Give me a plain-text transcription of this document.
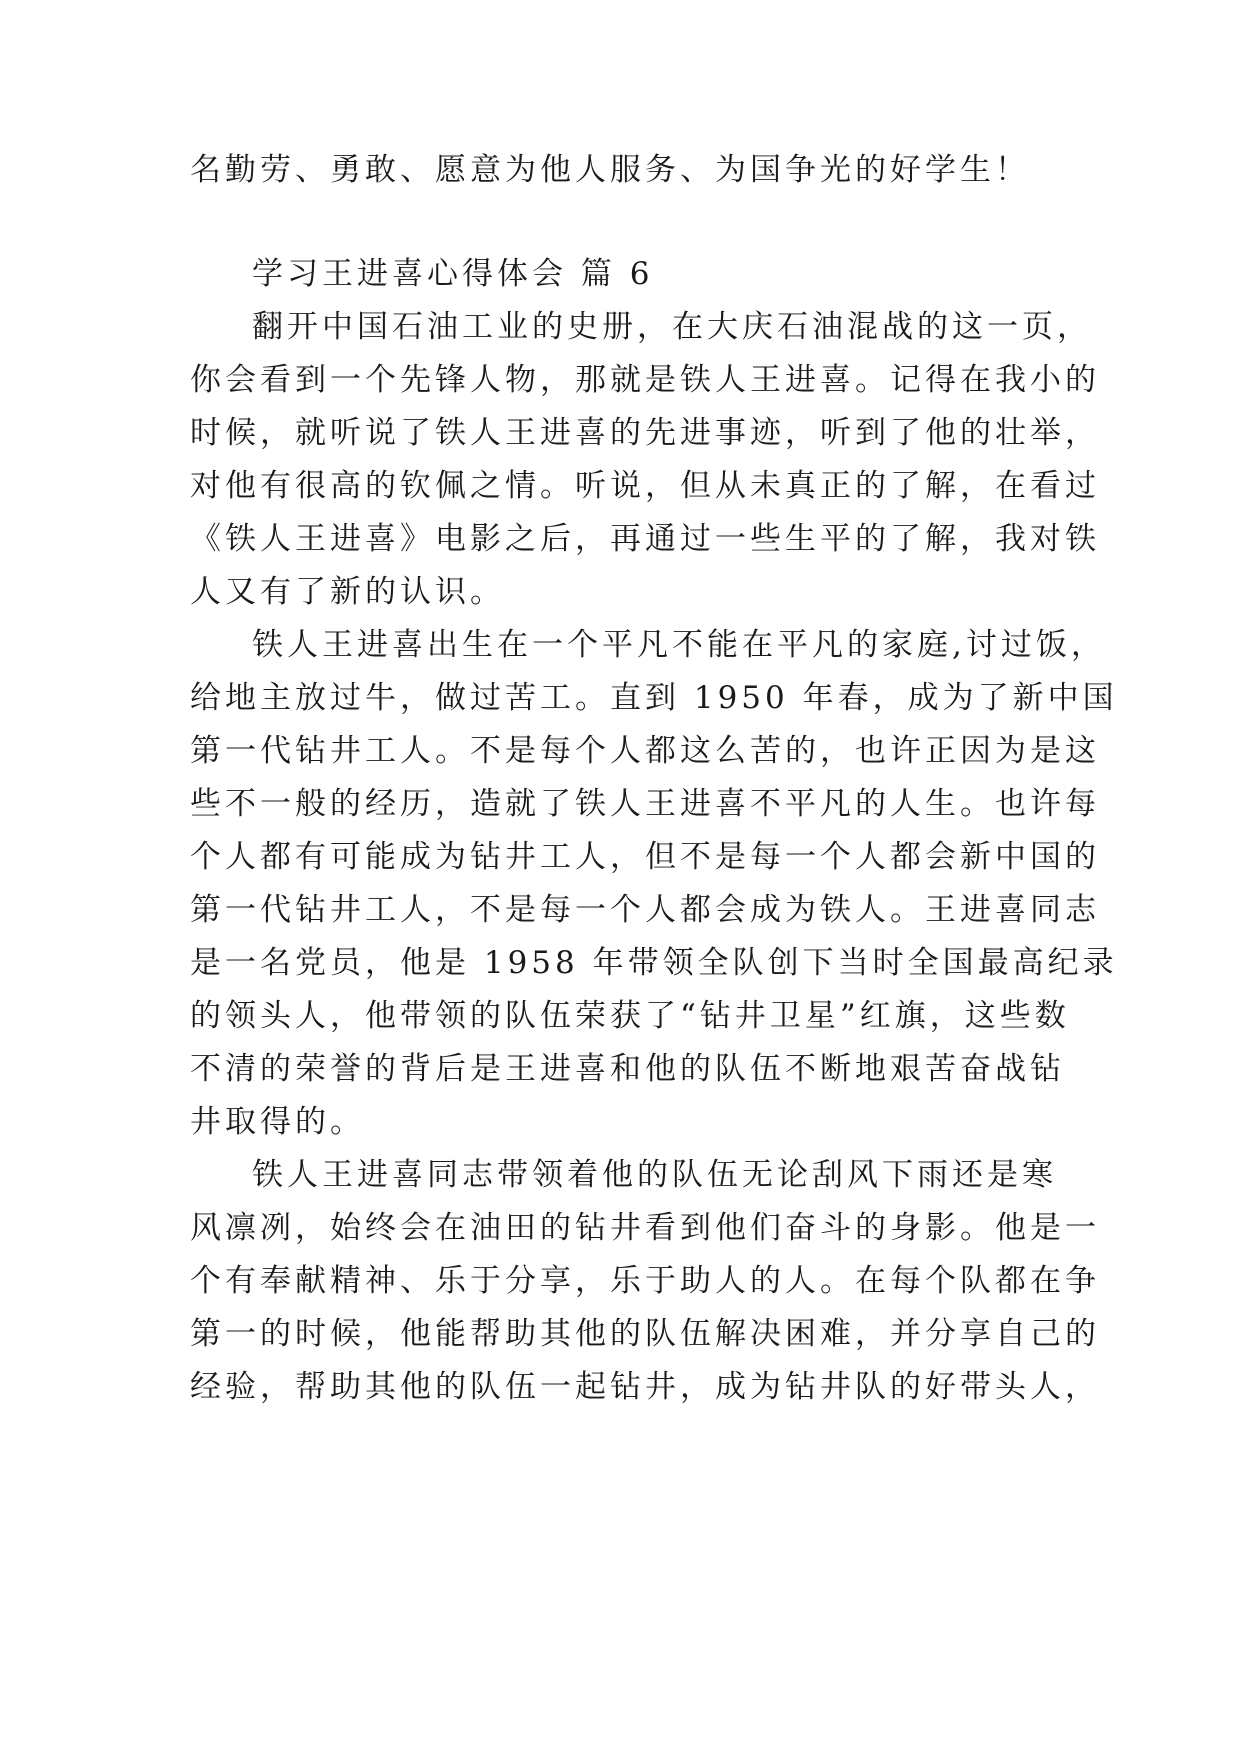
名勤劳、勇敢、愿意为他人服务、为国争光的好学生！
学习王进喜心得体会 篇 6
翻开中国石油工业的史册，在大庆石油混战的这一页，
你会看到一个先锋人物，那就是铁人王进喜。记得在我小的
时候，就听说了铁人王进喜的先进事迹，听到了他的壮举，
对他有很高的钦佩之情。听说，但从未真正的了解，在看过
《铁人王进喜》电影之后，再通过一些生平的了解，我对铁
人又有了新的认识。
铁人王进喜出生在一个平凡不能在平凡的家庭,讨过饭，
给地主放过牛，做过苦工。直到 1950 年春，成为了新中国
第一代钻井工人。不是每个人都这么苦的，也许正因为是这
些不一般的经历，造就了铁人王进喜不平凡的人生。也许每
个人都有可能成为钻井工人，但不是每一个人都会新中国的
第一代钻井工人，不是每一个人都会成为铁人。王进喜同志
是一名党员，他是 1958 年带领全队创下当时全国最高纪录
的领头人，他带领的队伍荣获了“钻井卫星”红旗，这些数
不清的荣誉的背后是王进喜和他的队伍不断地艰苦奋战钻
井取得的。
铁人王进喜同志带领着他的队伍无论刮风下雨还是寒
风凛冽，始终会在油田的钻井看到他们奋斗的身影。他是一
个有奉献精神、乐于分享，乐于助人的人。在每个队都在争
第一的时候，他能帮助其他的队伍解决困难，并分享自己的
经验，帮助其他的队伍一起钻井，成为钻井队的好带头人，
